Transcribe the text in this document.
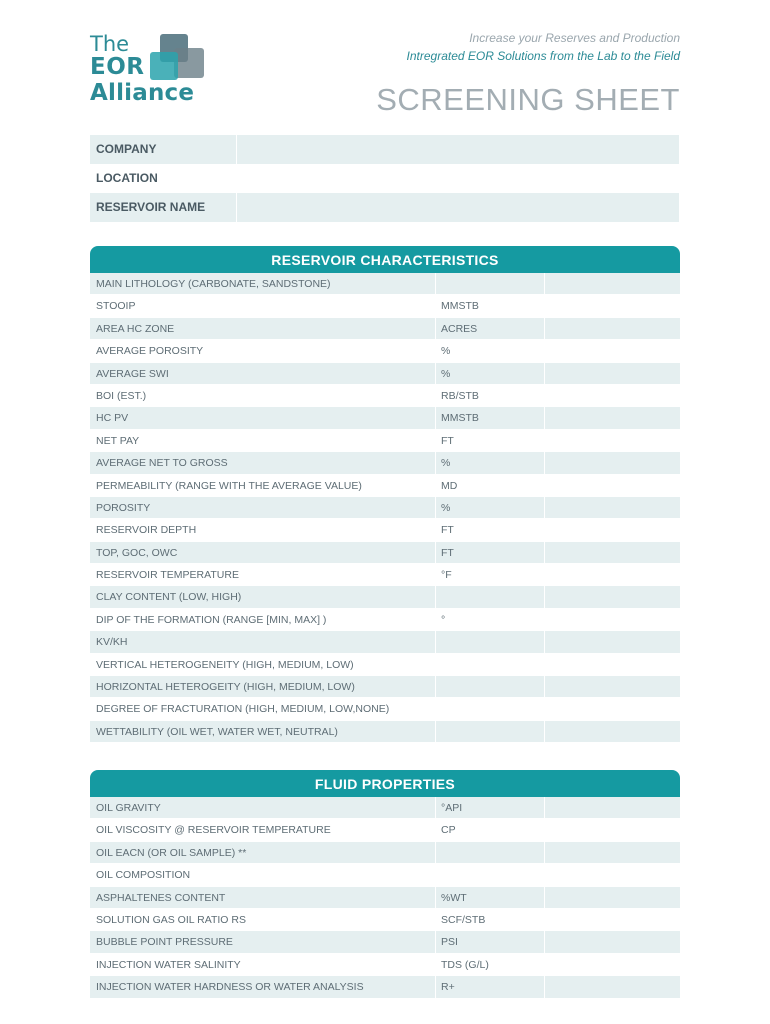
The
EOR
Alliance
Increase your Reserves and Production
Intregrated EOR Solutions from the Lab to the Field
SCREENING SHEET
COMPANY
LOCATION
RESERVOIR NAME
RESERVOIR CHARACTERISTICS
MAIN LITHOLOGY (CARBONATE, SANDSTONE)
STOOIP	MMSTB
AREA HC ZONE	ACRES
AVERAGE POROSITY	%
AVERAGE SWI	%
BOI (EST.)	RB/STB
HC PV	MMSTB
NET PAY	FT
AVERAGE NET TO GROSS	%
PERMEABILITY (RANGE WITH THE AVERAGE VALUE)	MD
POROSITY	%
RESERVOIR DEPTH	FT
TOP, GOC, OWC	FT
RESERVOIR TEMPERATURE	°F
CLAY CONTENT (LOW, HIGH)
DIP OF THE FORMATION (RANGE [MIN, MAX] )	°
KV/KH
VERTICAL HETEROGENEITY (HIGH, MEDIUM, LOW)
HORIZONTAL HETEROGEITY (HIGH, MEDIUM, LOW)
DEGREE OF FRACTURATION (HIGH, MEDIUM, LOW,NONE)
WETTABILITY (OIL WET, WATER WET, NEUTRAL)
FLUID PROPERTIES
OIL GRAVITY	°API
OIL VISCOSITY @ RESERVOIR TEMPERATURE	CP
OIL EACN (OR OIL SAMPLE) **
OIL COMPOSITION
ASPHALTENES CONTENT	%WT
SOLUTION GAS OIL RATIO RS	SCF/STB
BUBBLE POINT PRESSURE	PSI
INJECTION WATER SALINITY	TDS (G/L)
INJECTION WATER HARDNESS OR WATER ANALYSIS	R+
